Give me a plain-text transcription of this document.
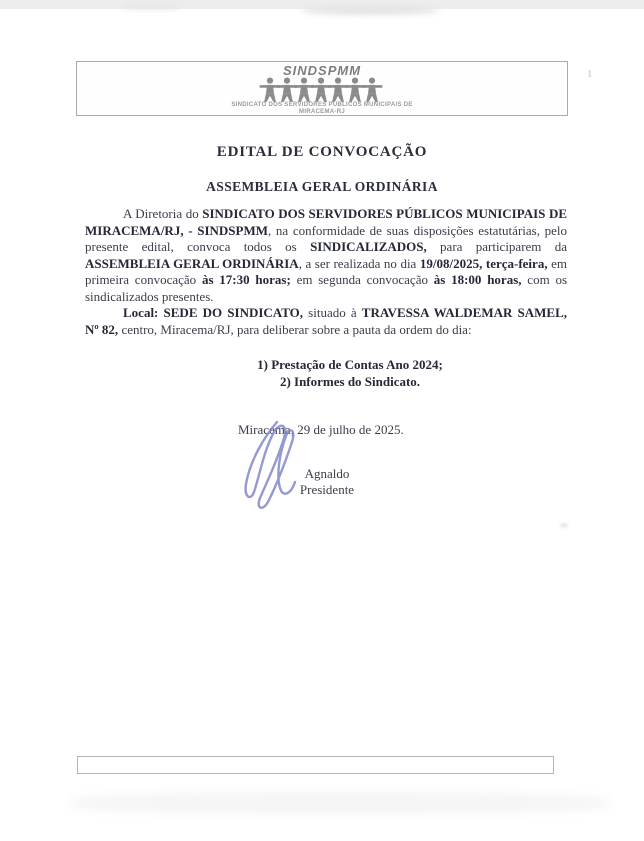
SINDSPMM
SINDICATO DOS SERVIDORES PÚBLICOS MUNICIPAIS DE
MIRACEMA-RJ
1
EDITAL DE CONVOCAÇÃO
ASSEMBLEIA GERAL ORDINÁRIA

A Diretoria do SINDICATO DOS SERVIDORES PÚBLICOS MUNICIPAIS DE MIRACEMA/RJ, - SINDSPMM, na conformidade de suas disposições estatutárias, pelo presente edital, convoca todos os SINDICALIZADOS, para participarem da ASSEMBLEIA GERAL ORDINÁRIA, a ser realizada no dia 19/08/2025, terça-feira, em primeira convocação às 17:30 horas; em segunda convocação às 18:00 horas, com os sindicalizados presentes.

Local: SEDE DO SINDICATO, situado à TRAVESSA WALDEMAR SAMEL, Nº 82, centro, Miracema/RJ, para deliberar sobre a pauta da ordem do dia:

1) Prestação de Contas Ano 2024;
2) Informes do Sindicato.
Miracema, 29 de julho de 2025.
Agnaldo
Presidente
